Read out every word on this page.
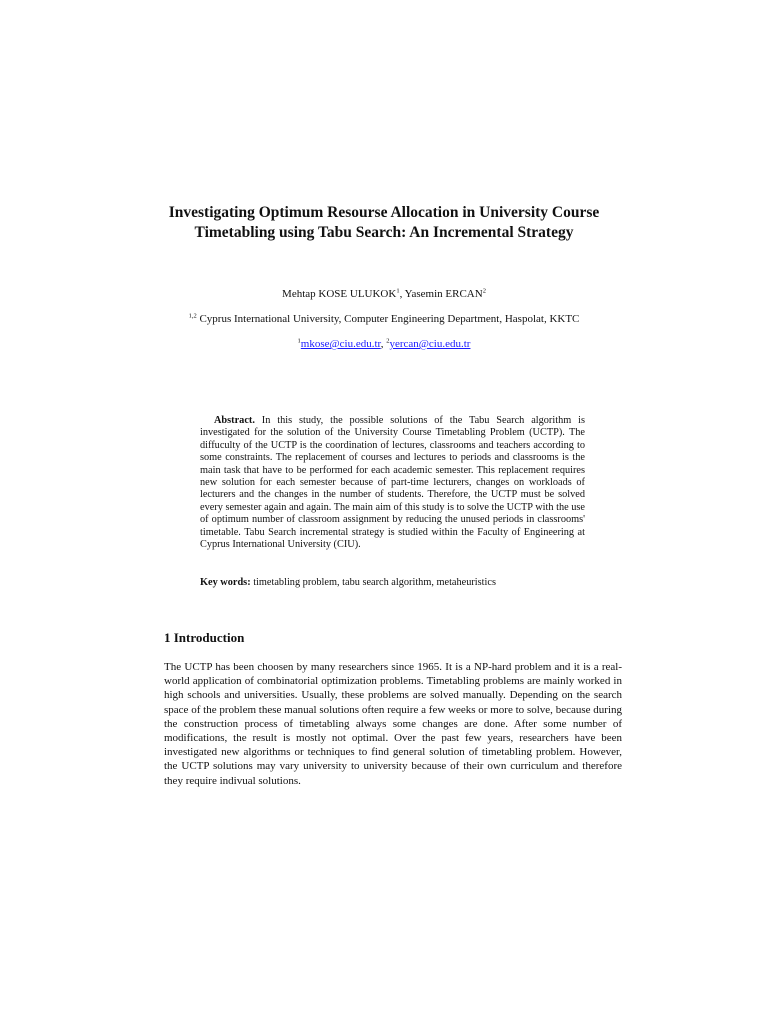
Investigating Optimum Resourse Allocation in University Course Timetabling using Tabu Search: An Incremental Strategy
Mehtap KOSE ULUKOK$^1$, Yasemin ERCAN$^2$
$^{1,2}$ Cyprus International University, Computer Engineering Department, Haspolat, KKTC
$^1$mkose@ciu.edu.tr, $^2$yercan@ciu.edu.tr
Abstract. In this study, the possible solutions of the Tabu Search algorithm is investigated for the solution of the University Course Timetabling Problem (UCTP). The diffuculty of the UCTP is the coordination of lectures, classrooms and teachers according to some constraints. The replacement of courses and lectures to periods and classrooms is the main task that have to be performed for each academic semester. This replacement requires new solution for each semester because of part-time lecturers, changes on workloads of lecturers and the changes in the number of students. Therefore, the UCTP must be solved every semester again and again. The main aim of this study is to solve the UCTP with the use of optimum number of classroom assignment by reducing the unused periods in classrooms' timetable. Tabu Search incremental strategy is studied within the Faculty of Engineering at Cyprus International University (CIU).
Key words: timetabling problem, tabu search algorithm, metaheuristics
1 Introduction
The UCTP has been choosen by many researchers since 1965. It is a NP-hard problem and it is a real-world application of combinatorial optimization problems. Timetabling problems are mainly worked in high schools and universities. Usually, these problems are solved manually. Depending on the search space of the problem these manual solutions often require a few weeks or more to solve, because during the construction process of timetabling always some changes are done. After some number of modifications, the result is mostly not optimal. Over the past few years, researchers have been investigated new algorithms or techniques to find general solution of timetabling problem. However, the UCTP solutions may vary university to university because of their own curriculum and therefore they require indivual solutions.
